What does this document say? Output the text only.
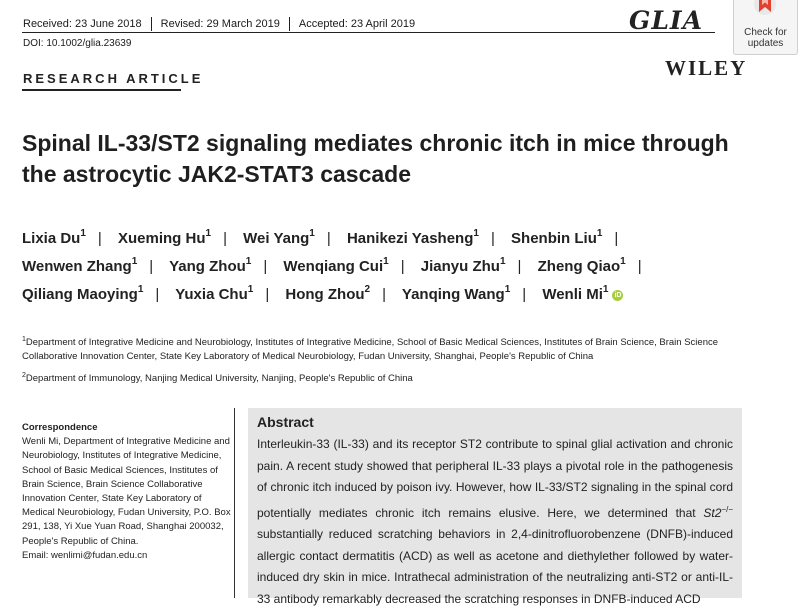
Received: 23 June 2018 Revised: 29 March 2019 Accepted: 23 April 2019
DOI: 10.1002/glia.23639
GLIA
WILEY
Check for updates
RESEARCH ARTICLE
Spinal IL-33/ST2 signaling mediates chronic itch in mice through the astrocytic JAK2-STAT3 cascade
Lixia Du$^1$ | Xueming Hu$^1$ | Wei Yang$^1$ | Hanikezi Yasheng$^1$ | Shenbin Liu$^1$ |
Wenwen Zhang$^1$ | Yang Zhou$^1$ | Wenqiang Cui$^1$ | Jianyu Zhu$^1$ | Zheng Qiao$^1$ |
Qiliang Maoying$^1$ | Yuxia Chu$^1$ | Hong Zhou$^2$ | Yanqing Wang$^1$ | Wenli Mi$^1$iD

$^1$Department of Integrative Medicine and Neurobiology, Institutes of Integrative Medicine, School of Basic Medical Sciences, Institutes of Brain Science, Brain Science Collaborative Innovation Center, State Key Laboratory of Medical Neurobiology, Fudan University, Shanghai, People's Republic of China

$^2$Department of Immunology, Nanjing Medical University, Nanjing, People's Republic of China

Correspondence
Wenli Mi, Department of Integrative Medicine and Neurobiology, Institutes of Integrative Medicine, School of Basic Medical Sciences, Institutes of Brain Science, Brain Science Collaborative Innovation Center, State Key Laboratory of Medical Neurobiology, Fudan University, P.O. Box 291, 138, Yi Xue Yuan Road, Shanghai 200032, People's Republic of China.
Email: wenlimi@fudan.edu.cn
Abstract
Interleukin-33 (IL-33) and its receptor ST2 contribute to spinal glial activation and chronic pain. A recent study showed that peripheral IL-33 plays a pivotal role in the pathogenesis of chronic itch induced by poison ivy. However, how IL-33/ST2 signaling in the spinal cord potentially mediates chronic itch remains elusive. Here, we determined that St2−/− substantially reduced scratching behaviors in 2,4-dinitrofluorobenzene (DNFB)-induced allergic contact dermatitis (ACD) as well as acetone and diethylether followed by water-induced dry skin in mice. Intrathecal administration of the neutralizing anti-ST2 or anti-IL-33 antibody remarkably decreased the scratching responses in DNFB-induced ACD
